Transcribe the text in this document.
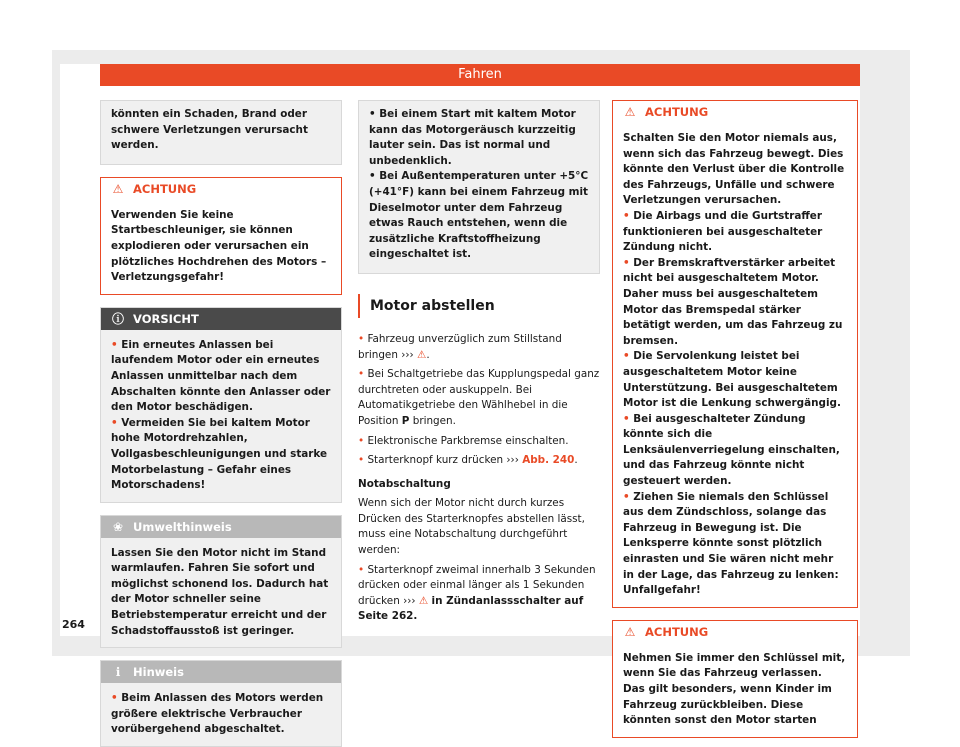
Fahren

könnten ein Schaden, Brand oder schwere Verletzungen verursacht werden.

⚠ ACHTUNG

Verwenden Sie keine Startbeschleuniger, sie können explodieren oder verursachen ein plötzliches Hochdrehen des Motors – Verletzungsgefahr!

ⓘ VORSICHT

• Ein erneutes Anlassen bei laufendem Motor oder ein erneutes Anlassen unmittelbar nach dem Abschalten könnte den Anlasser oder den Motor beschädigen.

• Vermeiden Sie bei kaltem Motor hohe Motordrehzahlen, Vollgasbeschleunigungen und starke Motorbelastung – Gefahr eines Motorschadens!

❀ Umwelthinweis

Lassen Sie den Motor nicht im Stand warmlaufen. Fahren Sie sofort und möglichst schonend los. Dadurch hat der Motor schneller seine Betriebstemperatur erreicht und der Schadstoffausstoß ist geringer.

ℹ	Hinweis

• Beim Anlassen des Motors werden größere elektrische Verbraucher vorübergehend abgeschaltet.

• Bei einem Start mit kaltem Motor kann das Motorgeräusch kurzzeitig lauter sein. Das ist normal und unbedenklich.

• Bei Außentemperaturen unter +5°C (+41°F) kann bei einem Fahrzeug mit Dieselmotor unter dem Fahrzeug etwas Rauch entstehen, wenn die zusätzliche Kraftstoffheizung eingeschaltet ist.

Motor abstellen

• Fahrzeug unverzüglich zum Stillstand bringen ››› ⚠.

• Bei Schaltgetriebe das Kupplungspedal ganz durchtreten oder auskuppeln. Bei Automatikgetriebe den Wählhebel in die Position P bringen.

• Elektronische Parkbremse einschalten.

• Starterknopf kurz drücken ››› Abb. 240.

Notabschaltung

Wenn sich der Motor nicht durch kurzes Drücken des Starterknopfes abstellen lässt, muss eine Notabschaltung durchgeführt werden:

• Starterknopf zweimal innerhalb 3 Sekunden drücken oder einmal länger als 1 Sekunden drücken ››› ⚠ in Zündanlassschalter auf Seite 262.

⚠ ACHTUNG

Schalten Sie den Motor niemals aus, wenn sich das Fahrzeug bewegt. Dies könnte den Verlust über die Kontrolle des Fahrzeugs, Unfälle und schwere Verletzungen verursachen.

• Die Airbags und die Gurtstraffer funktionieren bei ausgeschalteter Zündung nicht.

• Der Bremskraftverstärker arbeitet nicht bei ausgeschaltetem Motor. Daher muss bei ausgeschaltetem Motor das Bremspedal stärker betätigt werden, um das Fahrzeug zu bremsen.

• Die Servolenkung leistet bei ausgeschaltetem Motor keine Unterstützung. Bei ausgeschaltetem Motor ist die Lenkung schwergängig.

• Bei ausgeschalteter Zündung könnte sich die Lenksäulenverriegelung einschalten, und das Fahrzeug könnte nicht gesteuert werden.

• Ziehen Sie niemals den Schlüssel aus dem Zündschloss, solange das Fahrzeug in Bewegung ist. Die Lenksperre könnte sonst plötzlich einrasten und Sie wären nicht mehr in der Lage, das Fahrzeug zu lenken: Unfallgefahr!

⚠ ACHTUNG

Nehmen Sie immer den Schlüssel mit, wenn Sie das Fahrzeug verlassen. Das gilt besonders, wenn Kinder im Fahrzeug zurückbleiben. Diese könnten sonst den Motor starten

264
